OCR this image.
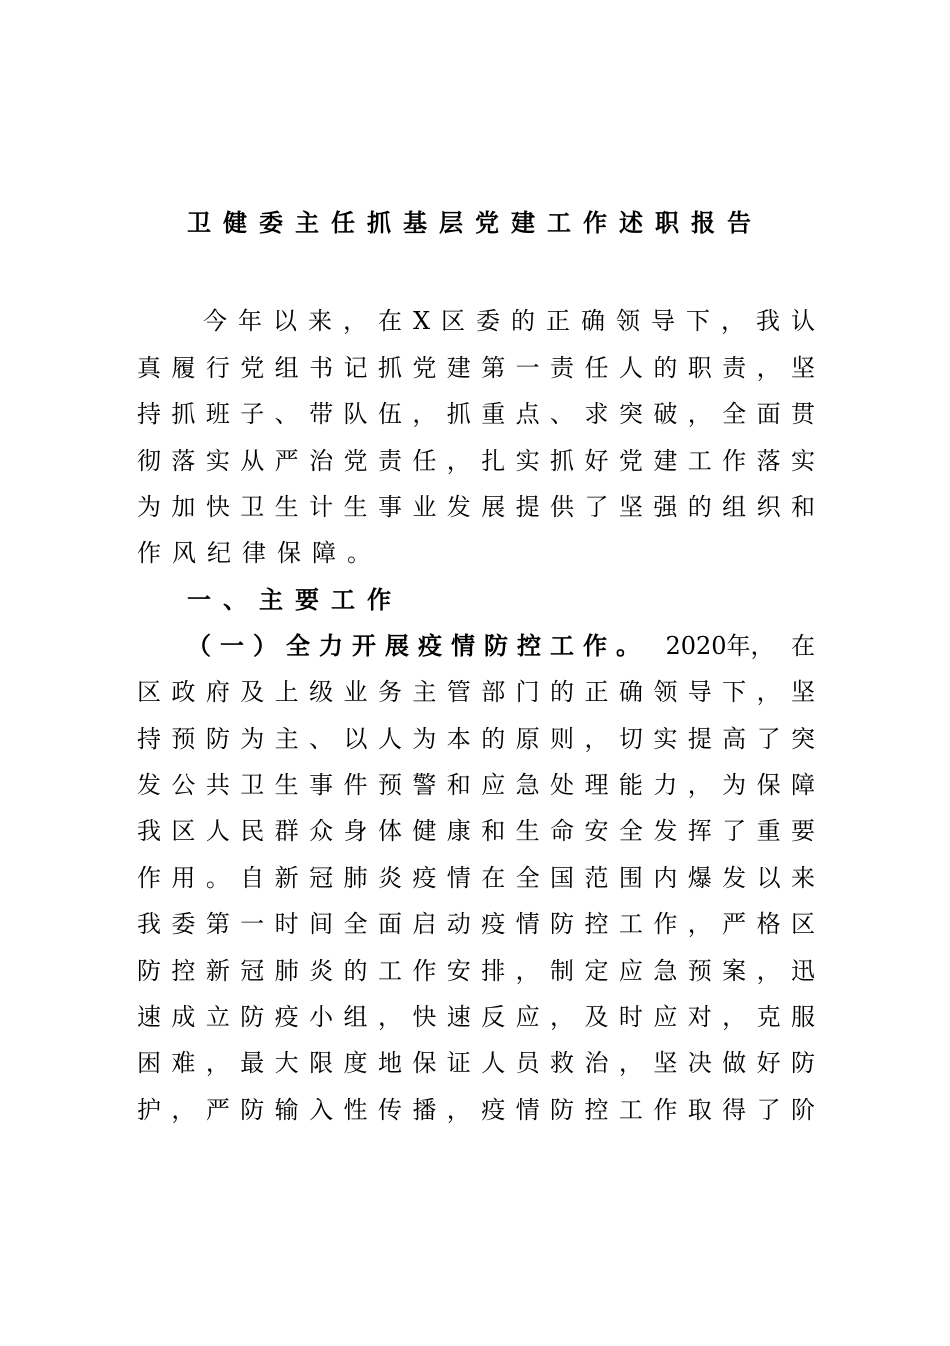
卫健委主任抓基层党建工作述职报告
今年以来，在X区委的正确领导下，我认
真履行党组书记抓党建第一责任人的职责，坚
持抓班子、带队伍，抓重点、求突破，全面贯
彻落实从严治党责任，扎实抓好党建工作落实
为加快卫生计生事业发展提供了坚强的组织和
作风纪律保障。
一、主要工作
（一）全力开展疫情防控工作。 2020年， 在
区政府及上级业务主管部门的正确领导下，坚
持预防为主、以人为本的原则，切实提高了突
发公共卫生事件预警和应急处理能力，为保障
我区人民群众身体健康和生命安全发挥了重要
作用。自新冠肺炎疫情在全国范围内爆发以来
我委第一时间全面启动疫情防控工作，严格区
防控新冠肺炎的工作安排，制定应急预案，迅
速成立防疫小组，快速反应，及时应对，克服
困难，最大限度地保证人员救治，坚决做好防
护，严防输入性传播，疫情防控工作取得了阶
